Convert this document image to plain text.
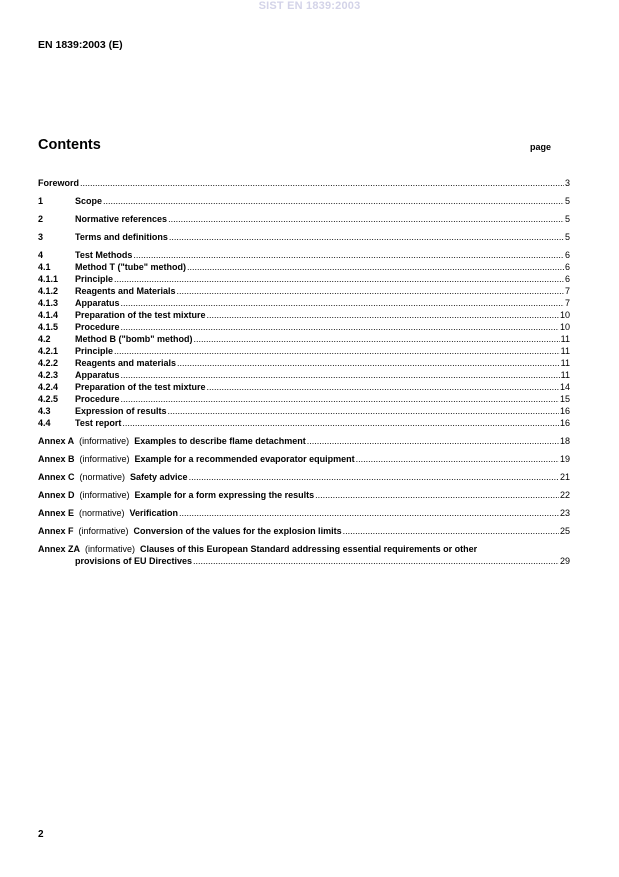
SIST EN 1839:2003
EN 1839:2003 (E)
Contents	page
Foreword .....	3
1	Scope .....	5
2	Normative references .....	5
3	Terms and definitions .....	5
4	Test Methods .....	6
4.1	Method T ("tube" method) .....	6
4.1.1	Principle .....	6
4.1.2	Reagents and Materials .....	7
4.1.3	Apparatus .....	7
4.1.4	Preparation of the test mixture .....	10
4.1.5	Procedure .....	10
4.2	Method B ("bomb" method) .....	11
4.2.1	Principle .....	11
4.2.2	Reagents and materials .....	11
4.2.3	Apparatus .....	11
4.2.4	Preparation of the test mixture .....	14
4.2.5	Procedure .....	15
4.3	Expression of results .....	16
4.4	Test report .....	16
Annex A (informative) Examples to describe flame detachment .....	18
Annex B (informative) Example for a recommended evaporator equipment .....	19
Annex C (normative) Safety advice .....	21
Annex D (informative) Example for a form expressing the results .....	22
Annex E (normative) Verification .....	23
Annex F (informative) Conversion of the values for the explosion limits .....	25
Annex ZA (informative) Clauses of this European Standard addressing essential requirements or other
provisions of EU Directives .....	29
2
